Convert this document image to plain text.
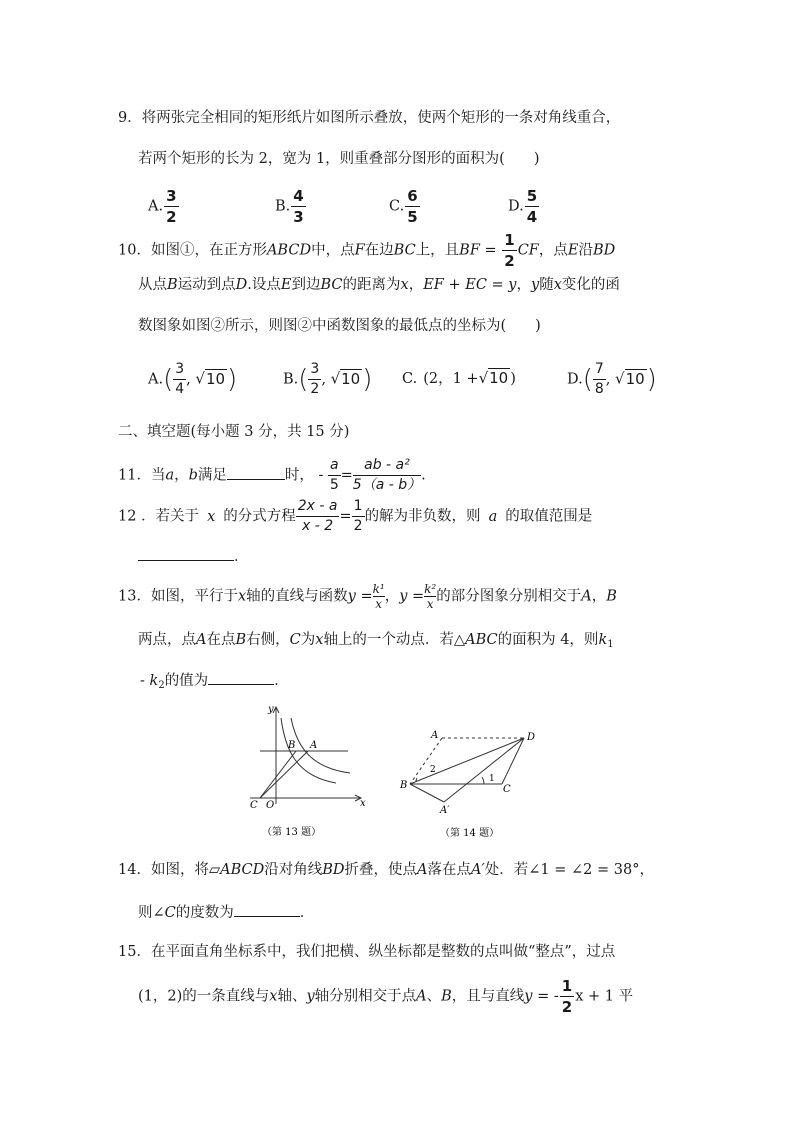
9．将两张完全相同的矩形纸片如图所示叠放，使两个矩形的一条对角线重合，
若两个矩形的长为 2，宽为 1，则重叠部分图形的面积为(　　)
A. $\frac{3}{2}$	B. $\frac{4}{3}$	C. $\frac{6}{5}$	D. $\frac{5}{4}$
10．如图①，在正方形ABCD中，点F在边BC上，且BF = $\frac{1}{2}$ CF，点E沿BD
从点B运动到点D.设点E到边BC的距离为x，EF + EC = y，y随x变化的函
数图象如图②所示，则图②中函数图象的最低点的坐标为(　　)
$A.( \frac{3}{4}$ , √10)	$B.( \frac{3}{2}$ , √10) C. (2，1 +√10 )	$D.( \frac{7}{8}$ , √10)
二、填空题(每小题 3 分，共 15 分)
11．当a，b满足	时， - $\frac{a}{5} = \frac{\text{ab - a²}}{5(a - b)}$ .
12 ．若关于 x 的分式方程 $\frac{2x - a}{x - 2} = \frac{1}{2}$ 的解为非负数，则 a 的取值范围是
．
13．如图，平行于x轴的直线与函数$y = \frac{\text{k¹}}{x}$ ，$y = \frac{\text{k²}}{x}$ 的部分图象分别相交于A，B
两点，点A在点B右侧，C为x轴上的一个动点．若△ABC的面积为 4，则$k_1$
- $k_2$的值为	．
y
x
O
C
B A
（第 13 题）
A	D
B	C
A′
1
2
（第 14 题）
14．如图，将▱ABCD沿对角线BD折叠，使点A落在点A′处．若∠1 = ∠2 = 38°，
则∠C的度数为	．
15．在平面直角坐标系中，我们把横、纵坐标都是整数的点叫做“整点”，过点
(1，2)的一条直线与x轴、y轴分别相交于点A、B，且与直线y = - $\frac{1}{2}$ x + 1 平
